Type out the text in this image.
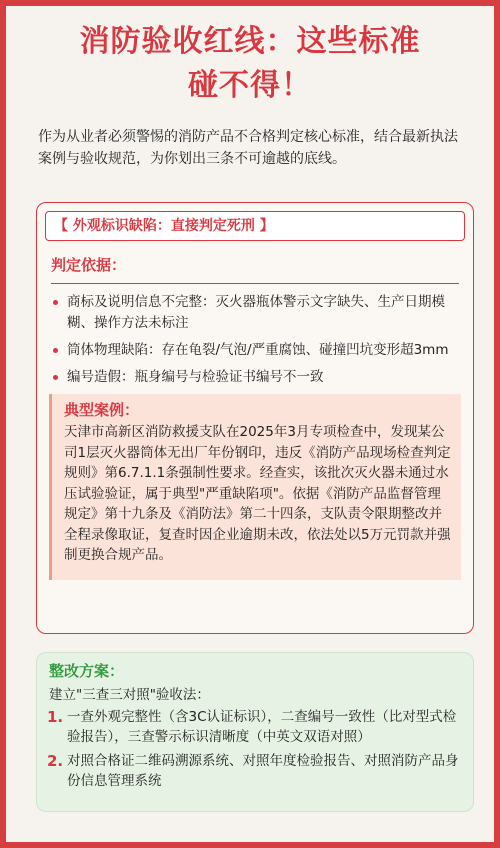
消防验收红线：这些标准
碰不得！
作为从业者必须警惕的消防产品不合格判定核心标准，结合最新执法案例与验收规范，为你划出三条不可逾越的底线。
【 外观标识缺陷：直接判定死刑 】
判定依据：
商标及说明信息不完整：灭火器瓶体警示文字缺失、生产日期模糊、操作方法未标注
筒体物理缺陷：存在龟裂/气泡/严重腐蚀、碰撞凹坑变形超3mm
编号造假：瓶身编号与检验证书编号不一致
典型案例：
天津市高新区消防救援支队在2025年3月专项检查中，发现某公司1层灭火器筒体无出厂年份钢印，违反《消防产品现场检查判定规则》第6.7.1.1条强制性要求。经查实，该批次灭火器未通过水压试验验证，属于典型"严重缺陷项"。依据《消防产品监督管理规定》第十九条及《消防法》第二十四条，支队责令限期整改并全程录像取证，复查时因企业逾期未改，依法处以5万元罚款并强制更换合规产品。
整改方案：
建立"三查三对照"验收法：
1. 一查外观完整性（含3C认证标识），二查编号一致性（比对型式检验报告），三查警示标识清晰度（中英文双语对照）
2. 对照合格证二维码溯源系统、对照年度检验报告、对照消防产品身份信息管理系统
